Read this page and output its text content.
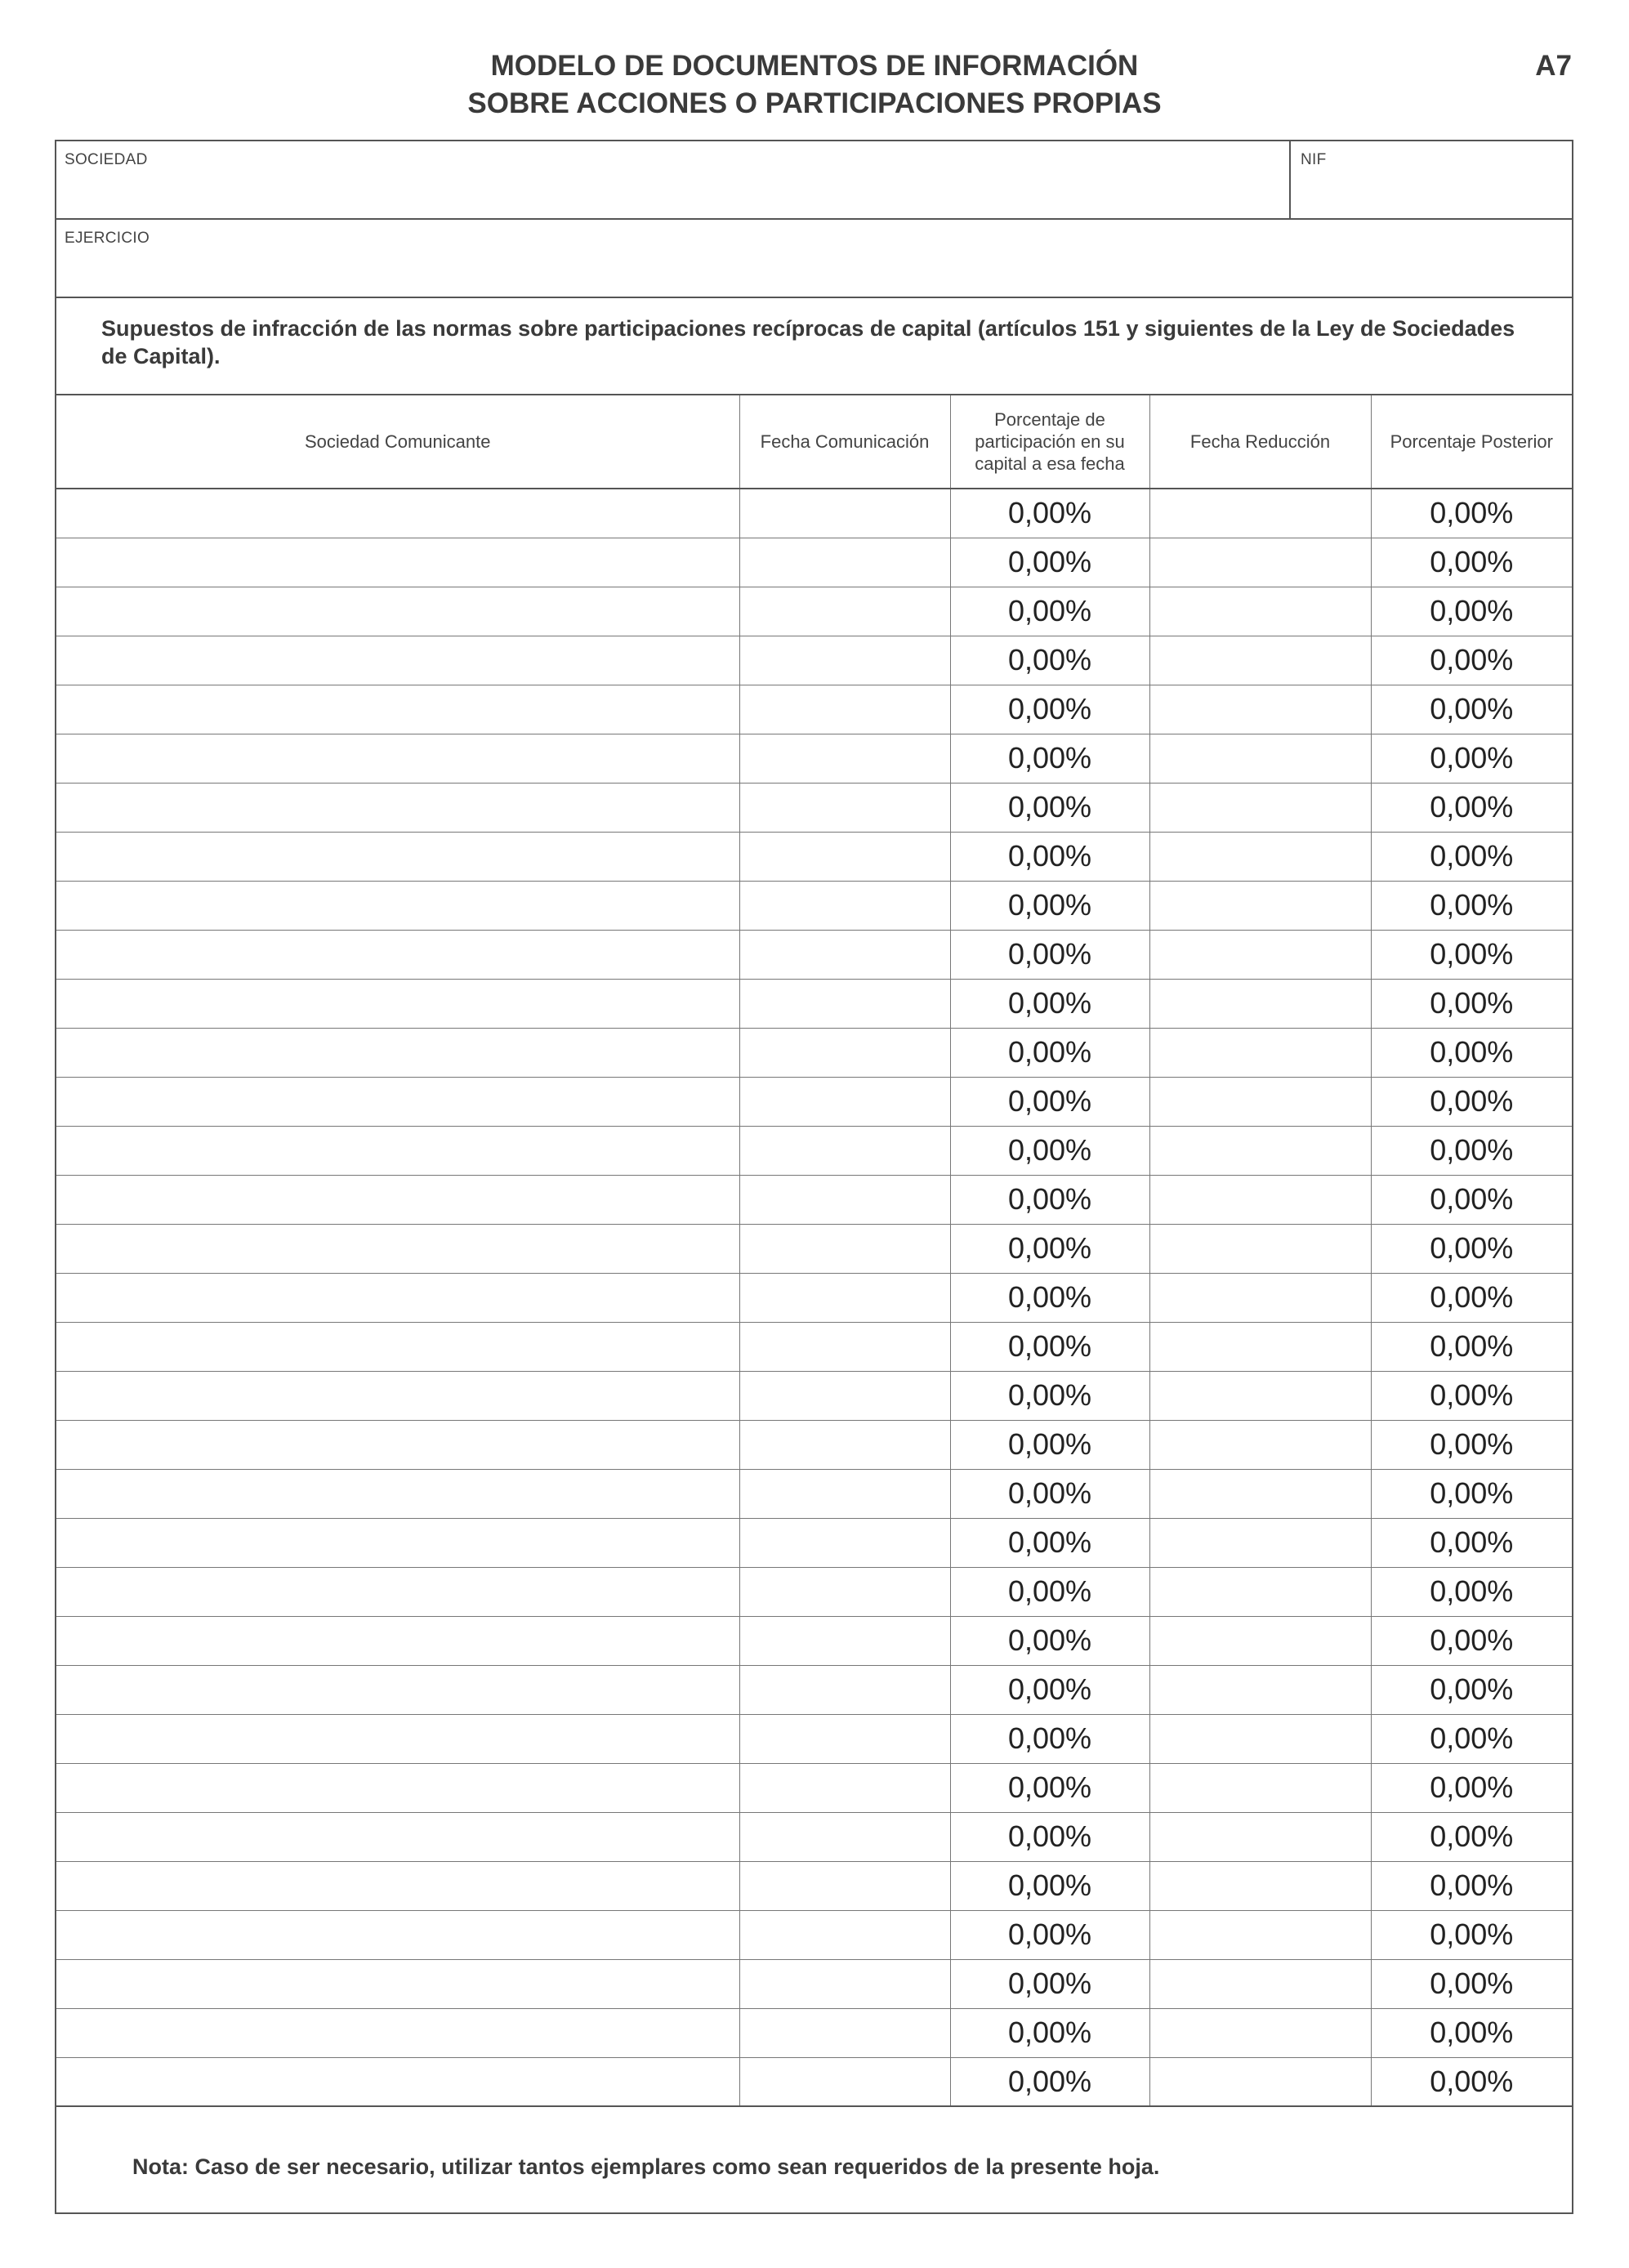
MODELO DE DOCUMENTOS DE INFORMACIÓN
SOBRE ACCIONES O PARTICIPACIONES PROPIAS
A7
SOCIEDAD	NIF
EJERCICIO
Supuestos de infracción de las normas sobre participaciones recíprocas de capital (artículos 151 y siguientes de la Ley de Sociedades de Capital).
Sociedad Comunicante	Fecha Comunicación	Porcentaje de participación en su capital a esa fecha	Fecha Reducción	Porcentaje Posterior
		0,00%		0,00%
		0,00%		0,00%
		0,00%		0,00%
		0,00%		0,00%
		0,00%		0,00%
		0,00%		0,00%
		0,00%		0,00%
		0,00%		0,00%
		0,00%		0,00%
		0,00%		0,00%
		0,00%		0,00%
		0,00%		0,00%
		0,00%		0,00%
		0,00%		0,00%
		0,00%		0,00%
		0,00%		0,00%
		0,00%		0,00%
		0,00%		0,00%
		0,00%		0,00%
		0,00%		0,00%
		0,00%		0,00%
		0,00%		0,00%
		0,00%		0,00%
		0,00%		0,00%
		0,00%		0,00%
		0,00%		0,00%
		0,00%		0,00%
		0,00%		0,00%
		0,00%		0,00%
		0,00%		0,00%
		0,00%		0,00%
		0,00%		0,00%
		0,00%		0,00%
Nota: Caso de ser necesario, utilizar tantos ejemplares como sean requeridos de la presente hoja.
